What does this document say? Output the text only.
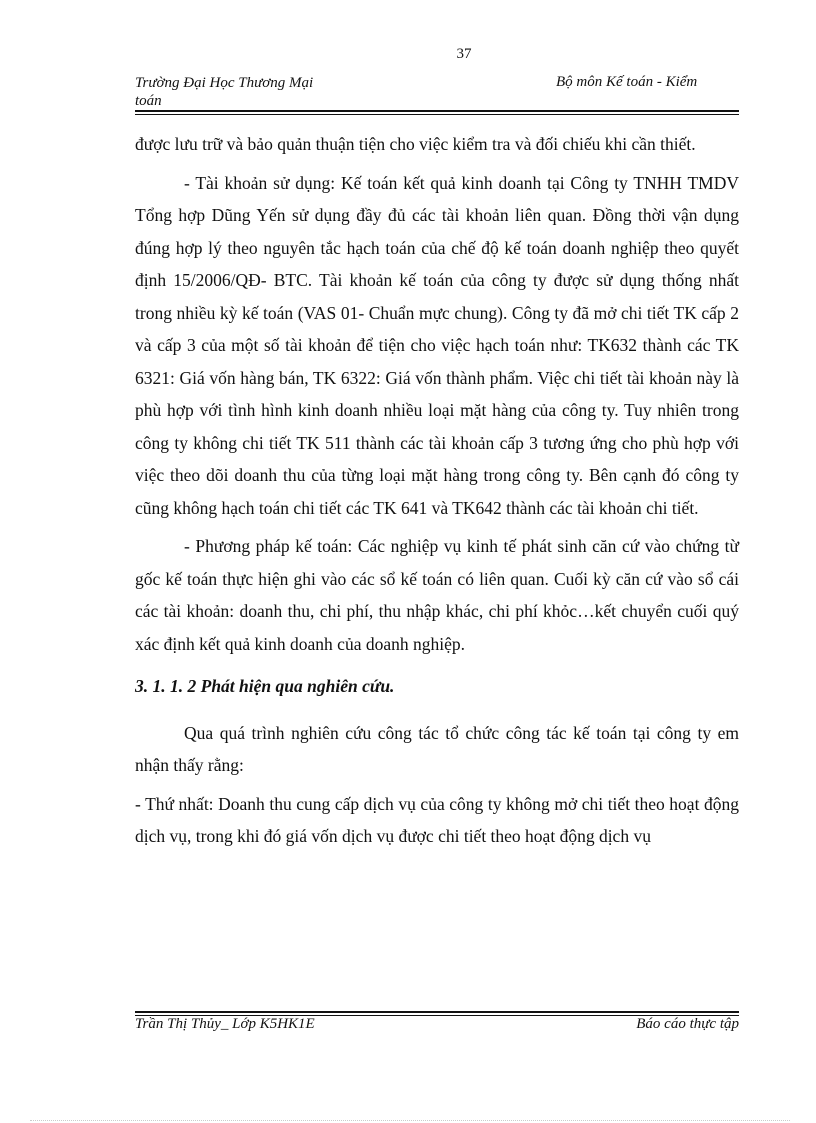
37
Trường Đại Học Thương Mại
toán
Bộ môn Kế toán - Kiểm

được lưu trữ và bảo quản thuận tiện cho việc kiểm tra và đối chiếu khi cần thiết.

- Tài khoản sử dụng: Kế toán kết quả kinh doanh tại Công ty TNHH TMDV Tổng hợp Dũng Yến sử dụng đầy đủ các tài khoản liên quan. Đồng thời vận dụng đúng hợp lý theo nguyên tắc hạch toán của chế độ kế toán doanh nghiệp theo quyết định 15/2006/QĐ- BTC. Tài khoản kế toán của công ty được sử dụng thống nhất trong nhiều kỳ kế toán (VAS 01- Chuẩn mực chung). Công ty đã mở chi tiết TK cấp 2 và cấp 3 của một số tài khoản để tiện cho việc hạch toán như: TK632 thành các TK 6321: Giá vốn hàng bán, TK 6322: Giá vốn thành phẩm. Việc chi tiết tài khoản này là phù hợp với tình hình kinh doanh nhiều loại mặt hàng của công ty. Tuy nhiên trong công ty không chi tiết TK 511 thành các tài khoản cấp 3 tương ứng cho phù hợp với việc theo dõi doanh thu của từng loại mặt hàng trong công ty. Bên cạnh đó công ty cũng không hạch toán chi tiết các TK 641 và TK642 thành các tài khoản chi tiết.

- Phương pháp kế toán: Các nghiệp vụ kinh tế phát sinh căn cứ vào chứng từ gốc kế toán thực hiện ghi vào các sổ kế toán có liên quan. Cuối kỳ căn cứ vào sổ cái các tài khoản: doanh thu, chi phí, thu nhập khác, chi phí khỏc…kết chuyển cuối quý xác định kết quả kinh doanh của doanh nghiệp.

3. 1. 1. 2 Phát hiện qua nghiên cứu.

Qua quá trình nghiên cứu công tác tổ chức công tác kế toán tại công ty em nhận thấy rằng:

- Thứ nhất: Doanh thu cung cấp dịch vụ của công ty không mở chi tiết theo hoạt động dịch vụ, trong khi đó giá vốn dịch vụ được chi tiết theo hoạt động dịch vụ

Trần Thị Thủy_ Lớp K5HK1E	Báo cáo thực tập
